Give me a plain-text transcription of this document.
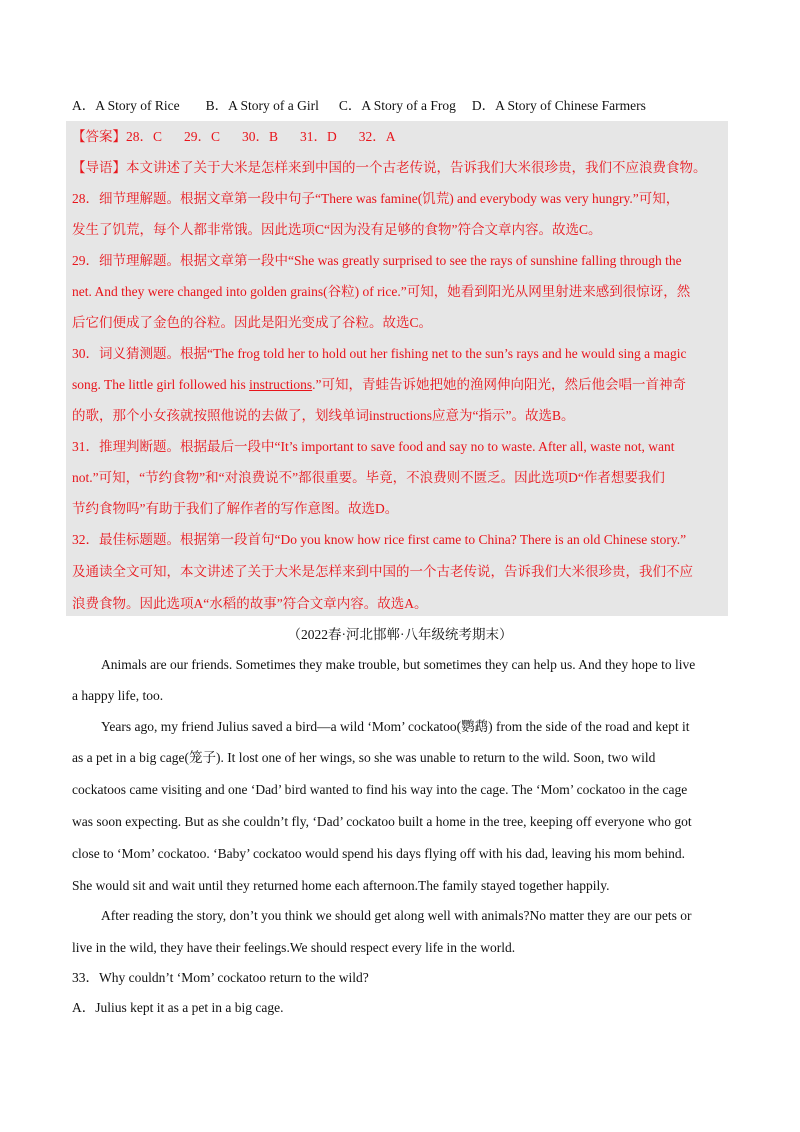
A．A Story of Rice B．A Story of a Girl C．A Story of a Frog D．A Story of Chinese Farmers
【答案】28．C 29．C 30．B 31．D 32．A
【导语】本文讲述了关于大米是怎样来到中国的一个古老传说，告诉我们大米很珍贵，我们不应浪费食物。
28．细节理解题。根据文章第一段中句子“There was famine(饥荒) and everybody was very hungry.”可知，
发生了饥荒，每个人都非常饿。因此选项C“因为没有足够的食物”符合文章内容。故选C。
29．细节理解题。根据文章第一段中“She was greatly surprised to see the rays of sunshine falling through the
net. And they were changed into golden grains(谷粒) of rice.”可知，她看到阳光从网里射进来感到很惊讶，然
后它们便成了金色的谷粒。因此是阳光变成了谷粒。故选C。
30．词义猜测题。根据“The frog told her to hold out her fishing net to the sun’s rays and he would sing a magic
song. The little girl followed his instructions.”可知，青蛙告诉她把她的渔网伸向阳光，然后他会唱一首神奇
的歌，那个小女孩就按照他说的去做了，划线单词instructions应意为“指示”。故选B。
31．推理判断题。根据最后一段中“It’s important to save food and say no to waste. After all, waste not, want
not.”可知，“节约食物”和“对浪费说不”都很重要。毕竟，不浪费则不匮乏。因此选项D“作者想要我们
节约食物吗”有助于我们了解作者的写作意图。故选D。
32．最佳标题题。根据第一段首句“Do you know how rice first came to China? There is an old Chinese story.”
及通读全文可知，本文讲述了关于大米是怎样来到中国的一个古老传说，告诉我们大米很珍贵，我们不应
浪费食物。因此选项A“水稻的故事”符合文章内容。故选A。
（2022春·河北邯郸·八年级统考期末）
Animals are our friends. Sometimes they make trouble, but sometimes they can help us. And they hope to live
a happy life, too.
Years ago, my friend Julius saved a bird—a wild ‘Mom’ cockatoo(鹦鹉) from the side of the road and kept it
as a pet in a big cage(笼子). It lost one of her wings, so she was unable to return to the wild. Soon, two wild
cockatoos came visiting and one ‘Dad’ bird wanted to find his way into the cage. The ‘Mom’ cockatoo in the cage
was soon expecting. But as she couldn’t fly, ‘Dad’ cockatoo built a home in the tree, keeping off everyone who got
close to ‘Mom’ cockatoo. ‘Baby’ cockatoo would spend his days flying off with his dad, leaving his mom behind.
She would sit and wait until they returned home each afternoon.The family stayed together happily.
After reading the story, don’t you think we should get along well with animals?No matter they are our pets or
live in the wild, they have their feelings.We should respect every life in the world.
33．Why couldn’t ‘Mom’ cockatoo return to the wild?
A．Julius kept it as a pet in a big cage.
